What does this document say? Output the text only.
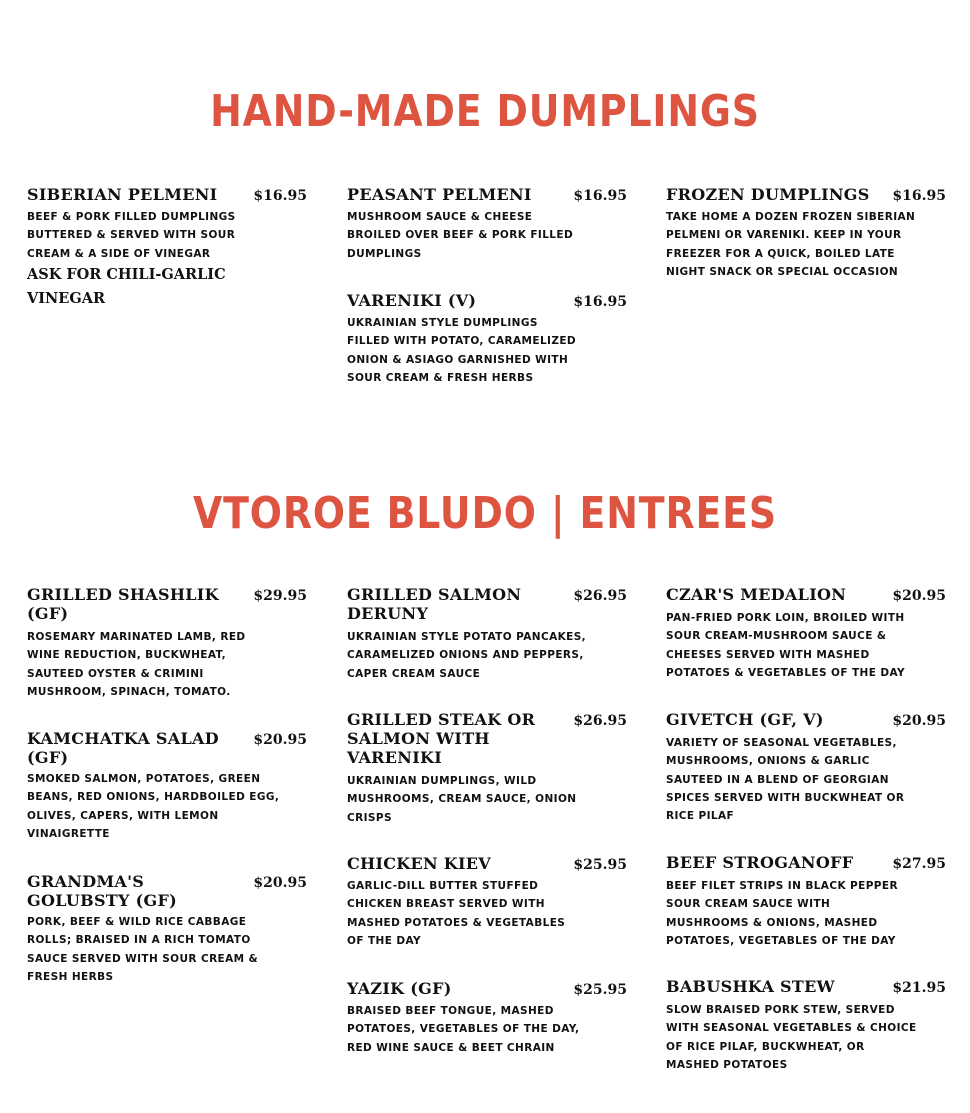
HAND-MADE DUMPLINGS
SIBERIAN PELMENI	$16.95
BEEF & PORK FILLED DUMPLINGS BUTTERED & SERVED WITH SOUR CREAM & A SIDE OF VINEGAR
ASK FOR CHILI-GARLIC VINEGAR
PEASANT PELMENI	$16.95
MUSHROOM SAUCE & CHEESE BROILED OVER BEEF & PORK FILLED DUMPLINGS
VARENIKI (V)	$16.95
UKRAINIAN STYLE DUMPLINGS FILLED WITH POTATO, CARAMELIZED ONION & ASIAGO GARNISHED WITH SOUR CREAM & FRESH HERBS
FROZEN DUMPLINGS	$16.95
TAKE HOME A DOZEN FROZEN SIBERIAN PELMENI OR VARENIKI. KEEP IN YOUR FREEZER FOR A QUICK, BOILED LATE NIGHT SNACK OR SPECIAL OCCASION
VTOROE BLUDO | ENTREES
GRILLED SHASHLIK (GF)
$29.95
ROSEMARY MARINATED LAMB, RED WINE REDUCTION, BUCKWHEAT, SAUTEED OYSTER & CRIMINI MUSHROOM, SPINACH, TOMATO.
KAMCHATKA SALAD (GF)
$20.95
SMOKED SALMON, POTATOES, GREEN BEANS, RED ONIONS, HARDBOILED EGG, OLIVES, CAPERS, WITH LEMON VINAIGRETTE
GRANDMA'S GOLUBSTY (GF)
$20.95
PORK, BEEF & WILD RICE CABBAGE ROLLS; BRAISED IN A RICH TOMATO SAUCE SERVED WITH SOUR CREAM & FRESH HERBS
GRILLED SALMON DERUNY
$26.95
UKRAINIAN STYLE POTATO PANCAKES, CARAMELIZED ONIONS AND PEPPERS, CAPER CREAM SAUCE
GRILLED STEAK OR SALMON WITH VARENIKI
$26.95
UKRAINIAN DUMPLINGS, WILD MUSHROOMS, CREAM SAUCE, ONION CRISPS
CHICKEN KIEV	$25.95
GARLIC-DILL BUTTER STUFFED CHICKEN BREAST SERVED WITH MASHED POTATOES & VEGETABLES OF THE DAY
YAZIK (GF)	$25.95
BRAISED BEEF TONGUE, MASHED POTATOES, VEGETABLES OF THE DAY, RED WINE SAUCE & BEET CHRAIN
CZAR'S MEDALION	$20.95
PAN-FRIED PORK LOIN, BROILED WITH SOUR CREAM-MUSHROOM SAUCE & CHEESES SERVED WITH MASHED POTATOES & VEGETABLES OF THE DAY
GIVETCH (GF, V)	$20.95
VARIETY OF SEASONAL VEGETABLES, MUSHROOMS, ONIONS & GARLIC SAUTEED IN A BLEND OF GEORGIAN SPICES SERVED WITH BUCKWHEAT OR RICE PILAF
BEEF STROGANOFF	$27.95
BEEF FILET STRIPS IN BLACK PEPPER SOUR CREAM SAUCE WITH MUSHROOMS & ONIONS, MASHED POTATOES, VEGETABLES OF THE DAY
BABUSHKA STEW	$21.95
SLOW BRAISED PORK STEW, SERVED WITH SEASONAL VEGETABLES & CHOICE OF RICE PILAF, BUCKWHEAT, OR MASHED POTATOES
